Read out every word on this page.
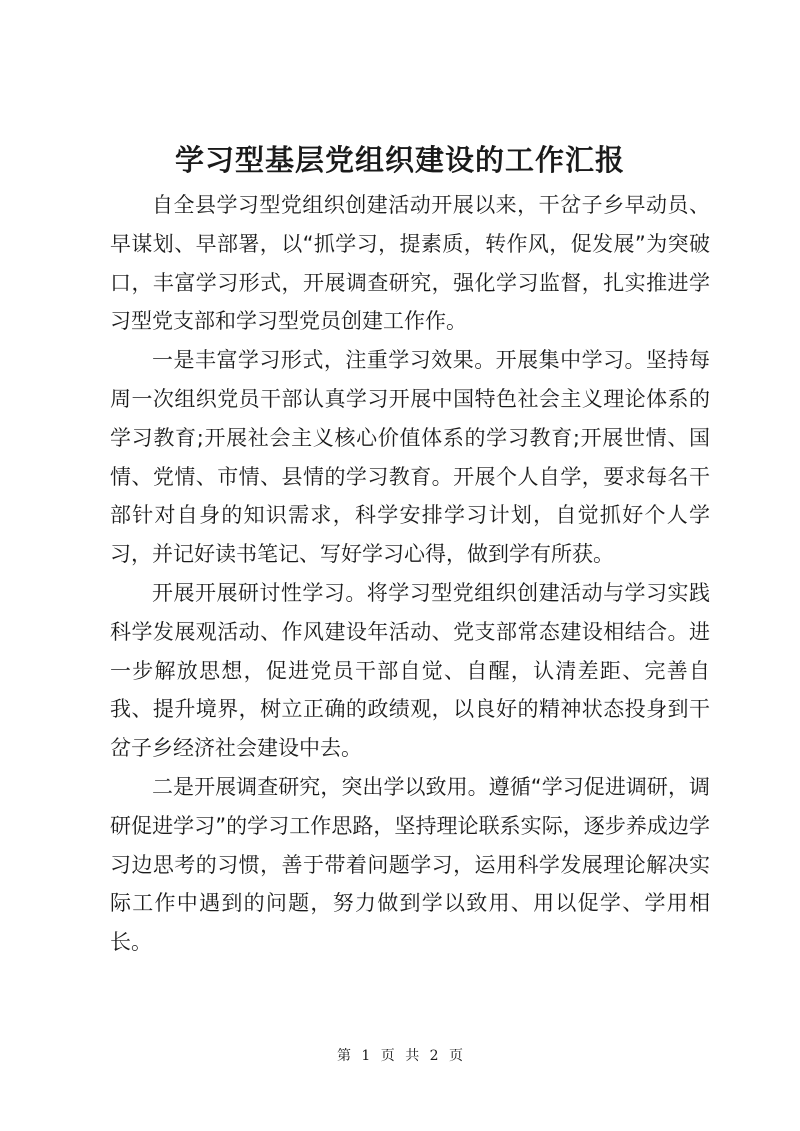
学习型基层党组织建设的工作汇报

自全县学习型党组织创建活动开展以来，干岔子乡早动员、早谋划、早部署，以“抓学习，提素质，转作风，促发展”为突破口，丰富学习形式，开展调查研究，强化学习监督，扎实推进学习型党支部和学习型党员创建工作作。

一是丰富学习形式，注重学习效果。开展集中学习。坚持每周一次组织党员干部认真学习开展中国特色社会主义理论体系的学习教育;开展社会主义核心价值体系的学习教育;开展世情、国情、党情、市情、县情的学习教育。开展个人自学，要求每名干部针对自身的知识需求，科学安排学习计划，自觉抓好个人学习，并记好读书笔记、写好学习心得，做到学有所获。

开展开展研讨性学习。将学习型党组织创建活动与学习实践科学发展观活动、作风建设年活动、党支部常态建设相结合。进一步解放思想，促进党员干部自觉、自醒，认清差距、完善自我、提升境界，树立正确的政绩观，以良好的精神状态投身到干岔子乡经济社会建设中去。

二是开展调查研究，突出学以致用。遵循“学习促进调研，调研促进学习”的学习工作思路，坚持理论联系实际，逐步养成边学习边思考的习惯，善于带着问题学习，运用科学发展理论解决实际工作中遇到的问题，努力做到学以致用、用以促学、学用相长。

第 1 页 共 2 页
